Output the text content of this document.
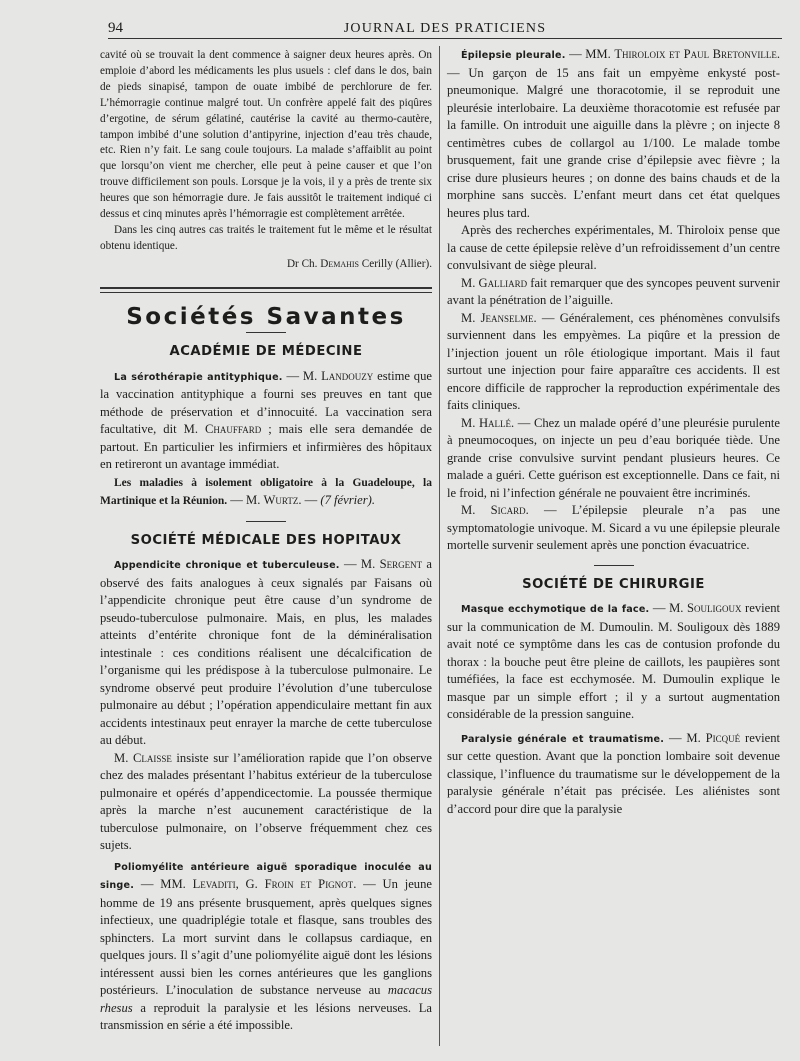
94	JOURNAL DES PRATICIENS

cavité où se trouvait la dent commence à saigner deux heures après. On emploie d’abord les médicaments les plus usuels : clef dans le dos, bain de pieds sinapisé, tampon de ouate imbibé de perchlorure de fer. L’hémorragie continue malgré tout. Un confrère appelé fait des piqûres d’ergotine, de sérum gélatiné, cautérise la cavité au thermo-cautère, tampon imbibé d’une solution d’antipyrine, injection d’eau très chaude, etc. Rien n’y fait. Le sang coule toujours. La malade s’affaiblit au point que lorsqu’on vient me chercher, elle peut à peine causer et que l’on trouve difficilement son pouls. Lorsque je la vois, il y a près de trente six heures que son hémorragie dure. Je fais aussitôt le traitement indiqué ci dessus et cinq minutes après l’hémorragie est complètement arrêtée.

Dans les cinq autres cas traités le traitement fut le même et le résultat obtenu identique.

Dr Ch. Demahis Cerilly (Allier).

Sociétés Savantes
ACADÉMIE DE MÉDECINE

La sérothérapie antityphique. — M. Landouzy estime que la vaccination antityphique a fourni ses preuves en tant que méthode de préservation et d’innocuité. La vaccination sera facultative, dit M. Chauffard ; mais elle sera demandée de partout. En particulier les infirmiers et infirmières des hôpitaux en retireront un avantage immédiat.

Les maladies à isolement obligatoire à la Guadeloupe, la Martinique et la Réunion. — M. Wurtz. — (7 février).

SOCIÉTÉ MÉDICALE DES HOPITAUX

Appendicite chronique et tuberculeuse. — M. Sergent a observé des faits analogues à ceux signalés par Faisans où l’appendicite chronique peut être cause d’un syndrome de pseudo-tuberculose pulmonaire. Mais, en plus, les malades atteints d’entérite chronique font de la déminéralisation intestinale : ces conditions réalisent une décalcification de l’organisme qui les prédispose à la tuberculose pulmonaire. Le syndrome observé peut produire l’évolution d’une tuberculose pulmonaire au début ; l’opération appendiculaire mettant fin aux accidents intestinaux peut enrayer la marche de cette tuberculose au début.

M. Claisse insiste sur l’amélioration rapide que l’on observe chez des malades présentant l’habitus extérieur de la tuberculose pulmonaire et opérés d’appendicectomie. La poussée thermique après la marche n’est aucunement caractéristique de la tuberculose pulmonaire, on l’observe fréquemment chez ces sujets.

Poliomyélite antérieure aiguë sporadique inoculée au singe. — MM. Levaditi, G. Froin et Pignot. — Un jeune homme de 19 ans présente brusquement, après quelques signes infectieux, une quadriplégie totale et flasque, sans troubles des sphincters. La mort survint dans le collapsus cardiaque, en quelques jours. Il s’agit d’une poliomyélite aiguë dont les lésions intéressent aussi bien les cornes antérieures que les ganglions postérieurs. L’inoculation de substance nerveuse au macacus rhesus a reproduit la paralysie et les lésions nerveuses. La transmission en série a été impossible.

Épilepsie pleurale. — MM. Thiroloix et Paul Bretonville. — Un garçon de 15 ans fait un empyème enkysté post-pneumonique. Malgré une thoracotomie, il se reproduit une pleurésie interlobaire. La deuxième thoracotomie est refusée par la famille. On introduit une aiguille dans la plèvre ; on injecte 8 centimètres cubes de collargol au 1/100. Le malade tombe brusquement, fait une grande crise d’épilepsie avec fièvre ; la crise dure plusieurs heures ; on donne des bains chauds et de la morphine sans succès. L’enfant meurt dans cet état quelques heures plus tard.

Après des recherches expérimentales, M. Thiroloix pense que la cause de cette épilepsie relève d’un refroidissement d’un centre convulsivant de siège pleural.

M. Galliard fait remarquer que des syncopes peuvent survenir avant la pénétration de l’aiguille.

M. Jeanselme. — Généralement, ces phénomènes convulsifs surviennent dans les empyèmes. La piqûre et la pression de l’injection jouent un rôle étiologique important. Mais il faut surtout une injection pour faire apparaître ces accidents. Il est encore difficile de rapprocher la reproduction expérimentale des faits cliniques.

M. Hallé. — Chez un malade opéré d’une pleurésie purulente à pneumocoques, on injecte un peu d’eau boriquée tiède. Une grande crise convulsive survint pendant plusieurs heures. Ce malade a guéri. Cette guérison est exceptionnelle. Dans ce fait, ni le froid, ni l’infection générale ne pouvaient être incriminés.

M. Sicard. — L’épilepsie pleurale n’a pas une symptomatologie univoque. M. Sicard a vu une épilepsie pleurale mortelle survenir seulement après une ponction évacuatrice.

SOCIÉTÉ DE CHIRURGIE

Masque ecchymotique de la face. — M. Souligoux revient sur la communication de M. Dumoulin. M. Souligoux dès 1889 avait noté ce symptôme dans les cas de contusion profonde du thorax : la bouche peut être pleine de caillots, les paupières sont tuméfiées, la face est ecchymosée. M. Dumoulin explique le masque par un simple effort ; il y a surtout augmentation considérable de la pression sanguine.

Paralysie générale et traumatisme. — M. Picqué revient sur cette question. Avant que la ponction lombaire soit devenue classique, l’influence du traumatisme sur le développement de la paralysie générale n’était pas précisée. Les aliénistes sont d’accord pour dire que la paralysie
